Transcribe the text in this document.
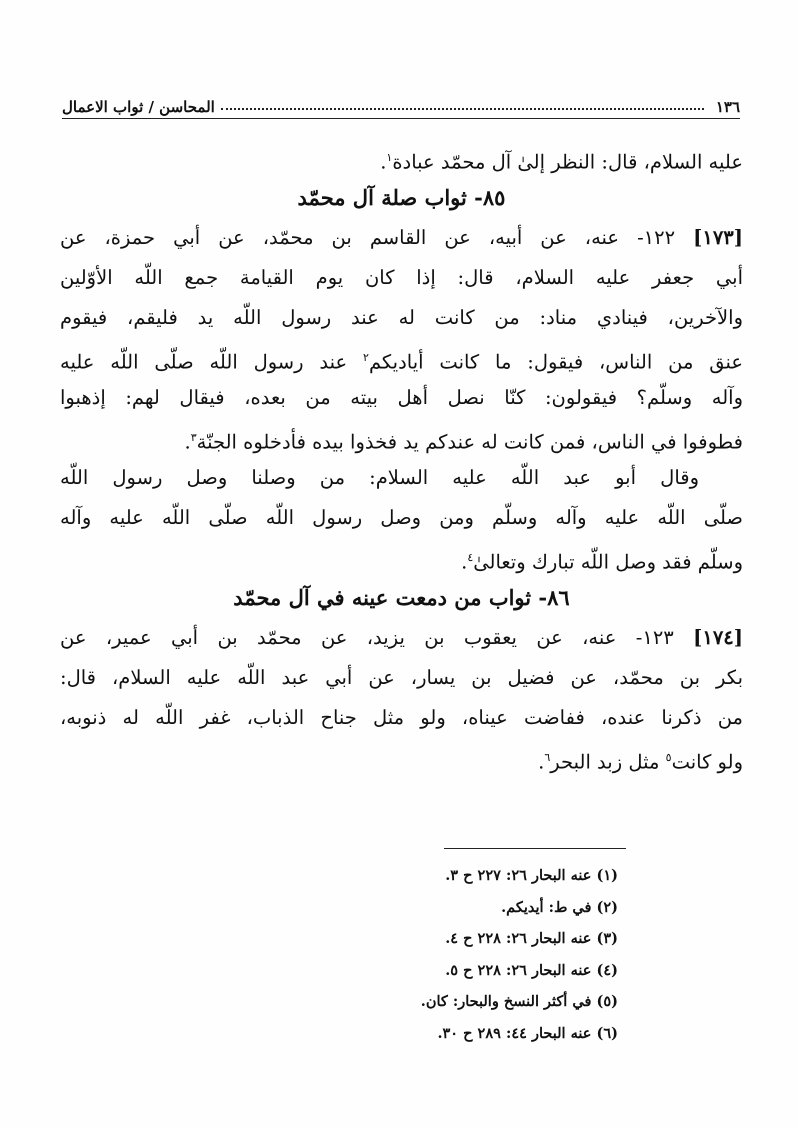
١٣٦
المحاسن / ثواب الاعمال
عليه السلام، قال: النظر إلىٰ آل محمّد عبادة$^١$.
٨٥- ثواب صلة آل محمّد
[١٧٣] ١٢٢- عنه، عن أبيه، عن القاسم بن محمّد، عن أبي حمزة، عن
أبي جعفر عليه السلام، قال: إذا كان يوم القيامة جمع اللّه الأوّلين
والآخرين، فينادي مناد: من كانت له عند رسول اللّه يد فليقم، فيقوم
عنق من الناس، فيقول: ما كانت أياديكم$^٢$ عند رسول اللّه صلّى اللّه عليه
وآله وسلّم؟ فيقولون: كنّا نصل أهل بيته من بعده، فيقال لهم: إذهبوا
فطوفوا في الناس، فمن كانت له عندكم يد فخذوا بيده فأدخلوه الجنّة$^٣$.
وقال أبو عبد اللّه عليه السلام: من وصلنا وصل رسول اللّه
صلّى اللّه عليه وآله وسلّم ومن وصل رسول اللّه صلّى اللّه عليه وآله
وسلّم فقد وصل اللّه تبارك وتعالىٰ$^٤$.
٨٦- ثواب من دمعت عينه في آل محمّد
[١٧٤] ١٢٣- عنه، عن يعقوب بن يزيد، عن محمّد بن أبي عمير، عن
بكر بن محمّد، عن فضيل بن يسار، عن أبي عبد اللّه عليه السلام، قال:
من ذكرنا عنده، ففاضت عيناه، ولو مثل جناح الذباب، غفر اللّه له ذنوبه،
ولو كانت$^٥$ مثل زبد البحر$^٦$.
(١) عنه البحار ٢٦: ٢٢٧ ح ٣.
(٢) في ط: أيديكم.
(٣) عنه البحار ٢٦: ٢٢٨ ح ٤.
(٤) عنه البحار ٢٦: ٢٢٨ ح ٥.
(٥) في أكثر النسخ والبحار: كان.
(٦) عنه البحار ٤٤: ٢٨٩ ح ٣٠.
